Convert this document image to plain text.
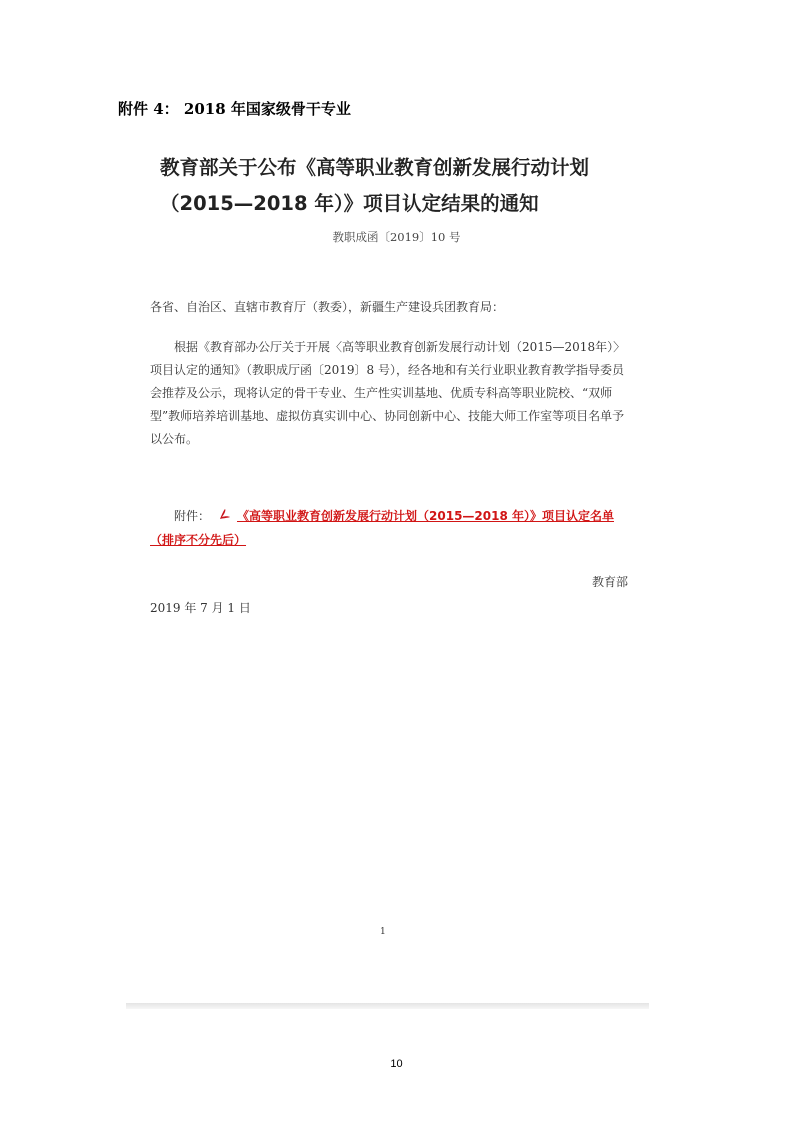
附件 4： 2018 年国家级骨干专业
教育部关于公布《高等职业教育创新发展行动计划（2015—2018 年）》项目认定结果的通知
教职成函〔2019〕10 号
各省、自治区、直辖市教育厅（教委），新疆生产建设兵团教育局：
根据《教育部办公厅关于开展〈高等职业教育创新发展行动计划（2015—2018年）〉项目认定的通知》（教职成厅函〔2019〕8 号），经各地和有关行业职业教育教学指导委员会推荐及公示，现将认定的骨干专业、生产性实训基地、优质专科高等职业院校、“双师型”教师培养培训基地、虚拟仿真实训中心、协同创新中心、技能大师工作室等项目名单予以公布。
附件： 《高等职业教育创新发展行动计划（2015—2018 年）》项目认定名单（排序不分先后）
教育部
2019 年 7 月 1 日
1
10
